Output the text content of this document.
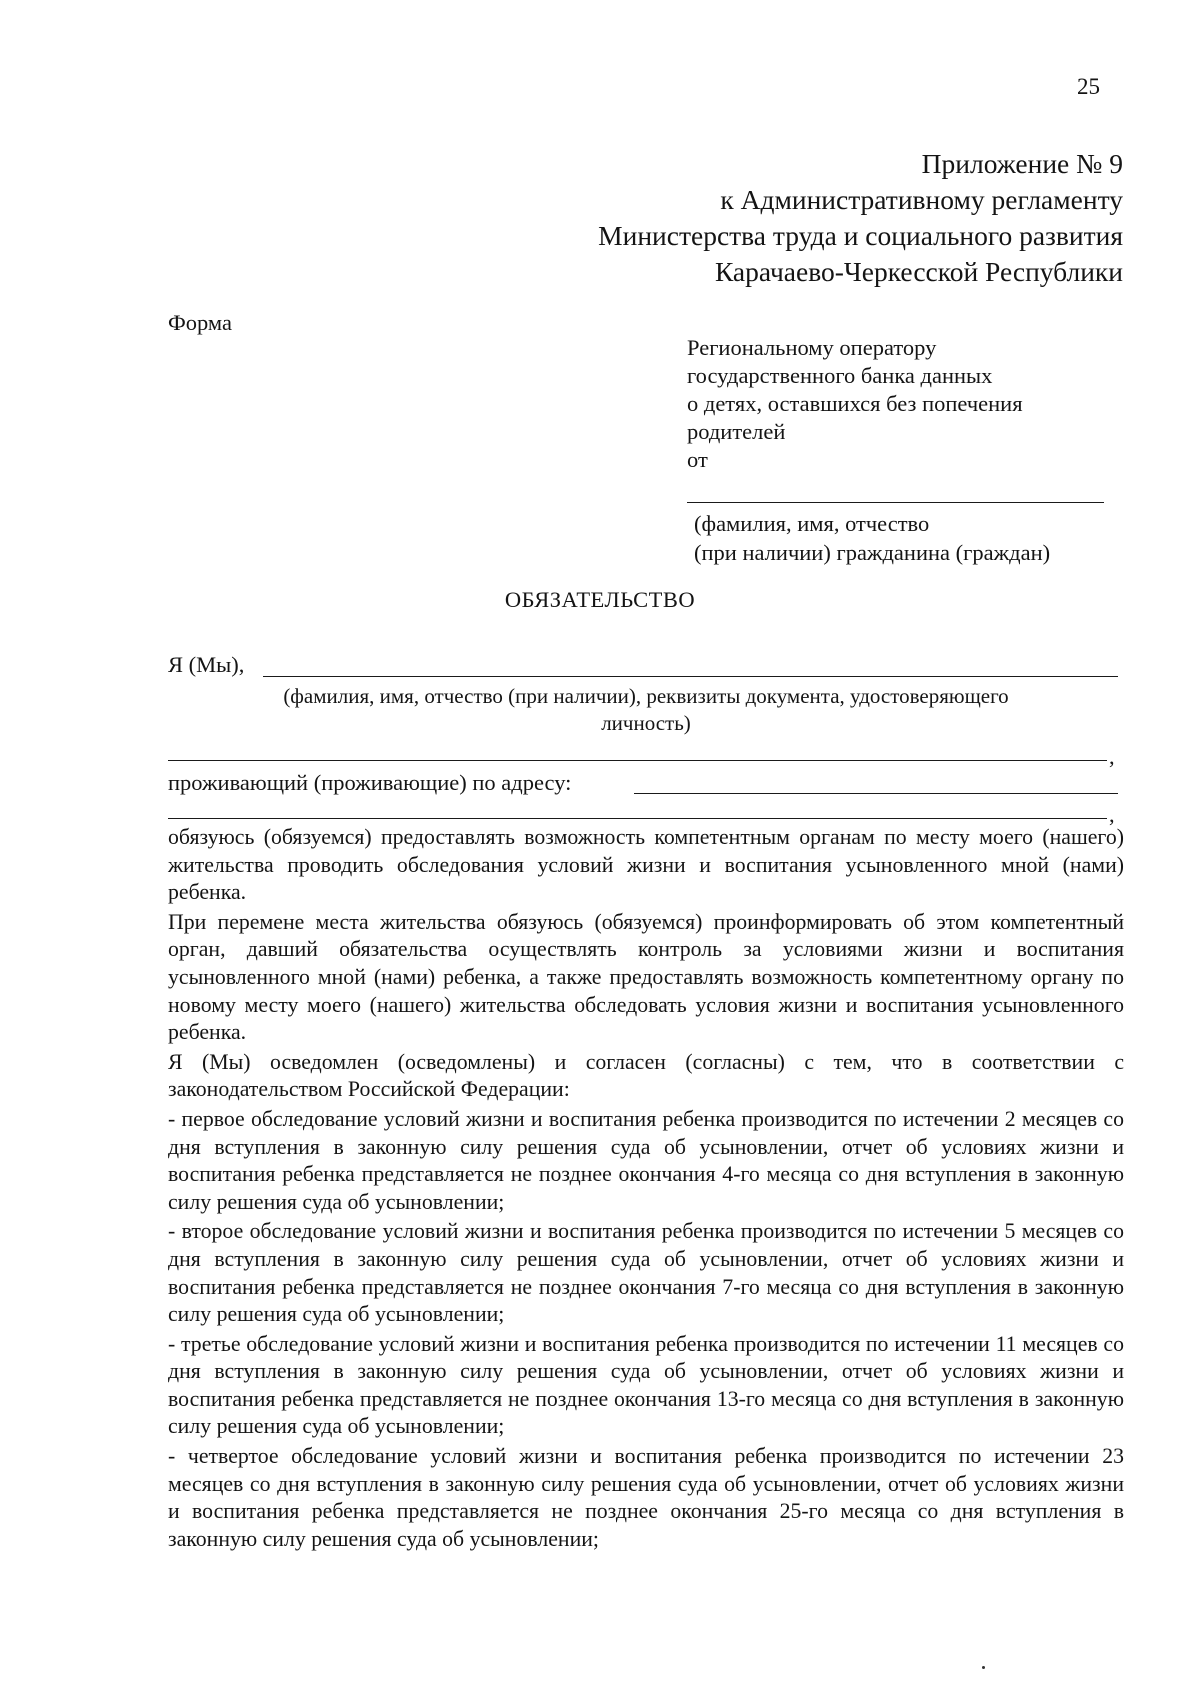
25
Приложение № 9
к Административному регламенту
Министерства труда и социального развития
Карачаево-Черкесской Республики
Форма
Региональному оператору
государственного банка данных
о детях, оставшихся без попечения
родителей
от
(фамилия, имя, отчество
(при наличии) гражданина (граждан)
ОБЯЗАТЕЛЬСТВО
Я (Мы),
(фамилия, имя, отчество (при наличии), реквизиты документа, удостоверяющего
личность)
,
проживающий (проживающие) по адресу:
,

обязуюсь (обязуемся) предоставлять возможность компетентным органам по месту моего (нашего) жительства проводить обследования условий жизни и воспитания усыновленного мной (нами) ребенка.

При перемене места жительства обязуюсь (обязуемся) проинформировать об этом компетентный орган, давший обязательства осуществлять контроль за условиями жизни и воспитания усыновленного мной (нами) ребенка, а также предоставлять возможность компетентному органу по новому месту моего (нашего) жительства обследовать условия жизни и воспитания усыновленного ребенка.

Я (Мы) осведомлен (осведомлены) и согласен (согласны) с тем, что в соответствии с законодательством Российской Федерации:

- первое обследование условий жизни и воспитания ребенка производится по истечении 2 месяцев со дня вступления в законную силу решения суда об усыновлении, отчет об условиях жизни и воспитания ребенка представляется не позднее окончания 4-го месяца со дня вступления в законную силу решения суда об усыновлении;

- второе обследование условий жизни и воспитания ребенка производится по истечении 5 месяцев со дня вступления в законную силу решения суда об усыновлении, отчет об условиях жизни и воспитания ребенка представляется не позднее окончания 7-го месяца со дня вступления в законную силу решения суда об усыновлении;

- третье обследование условий жизни и воспитания ребенка производится по истечении 11 месяцев со дня вступления в законную силу решения суда об усыновлении, отчет об условиях жизни и воспитания ребенка представляется не позднее окончания 13-го месяца со дня вступления в законную силу решения суда об усыновлении;

- четвертое обследование условий жизни и воспитания ребенка производится по истечении 23 месяцев со дня вступления в законную силу решения суда об усыновлении, отчет об условиях жизни и воспитания ребенка представляется не позднее окончания 25-го месяца со дня вступления в законную силу решения суда об усыновлении;
